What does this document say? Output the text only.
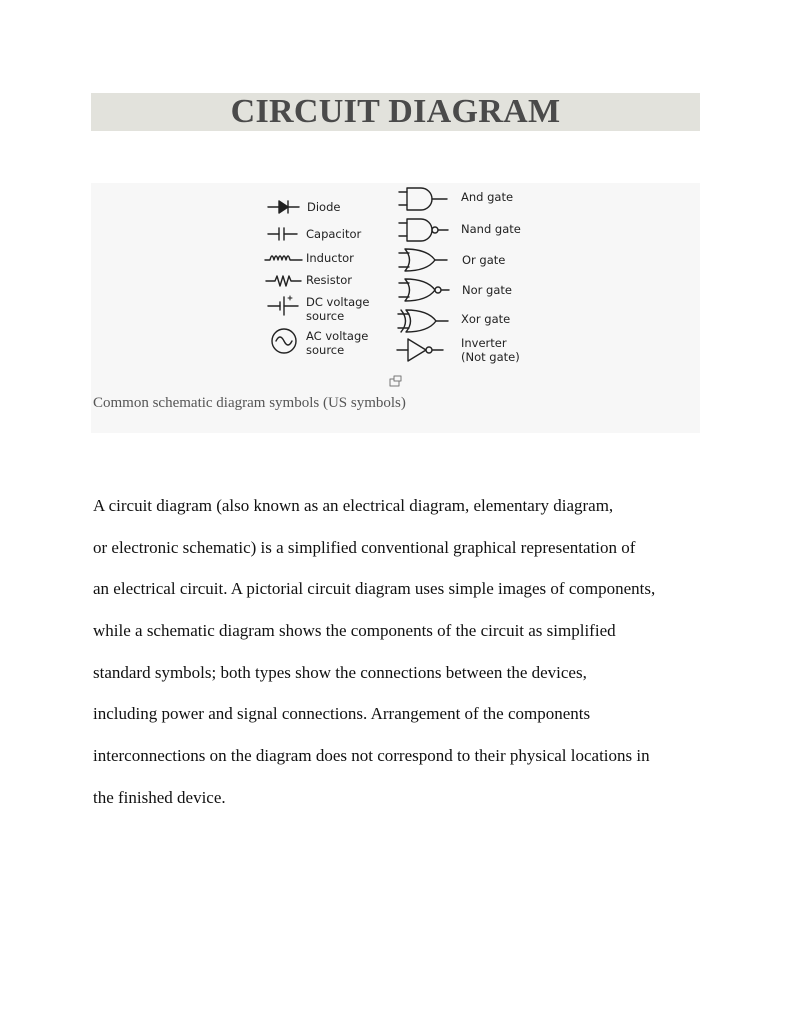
CIRCUIT DIAGRAM
Diode
Capacitor
Inductor
Resistor
DC voltage
source
AC voltage
source
And gate
Nand gate
Or gate
Nor gate
Xor gate
Inverter
(Not gate)
Common schematic diagram symbols (US symbols)

A circuit diagram (also known as an electrical diagram, elementary diagram,
or electronic schematic) is a simplified conventional graphical representation of
an electrical circuit. A pictorial circuit diagram uses simple images of components,
while a schematic diagram shows the components of the circuit as simplified
standard symbols; both types show the connections between the devices,
including power and signal connections. Arrangement of the components
interconnections on the diagram does not correspond to their physical locations in
the finished device.
